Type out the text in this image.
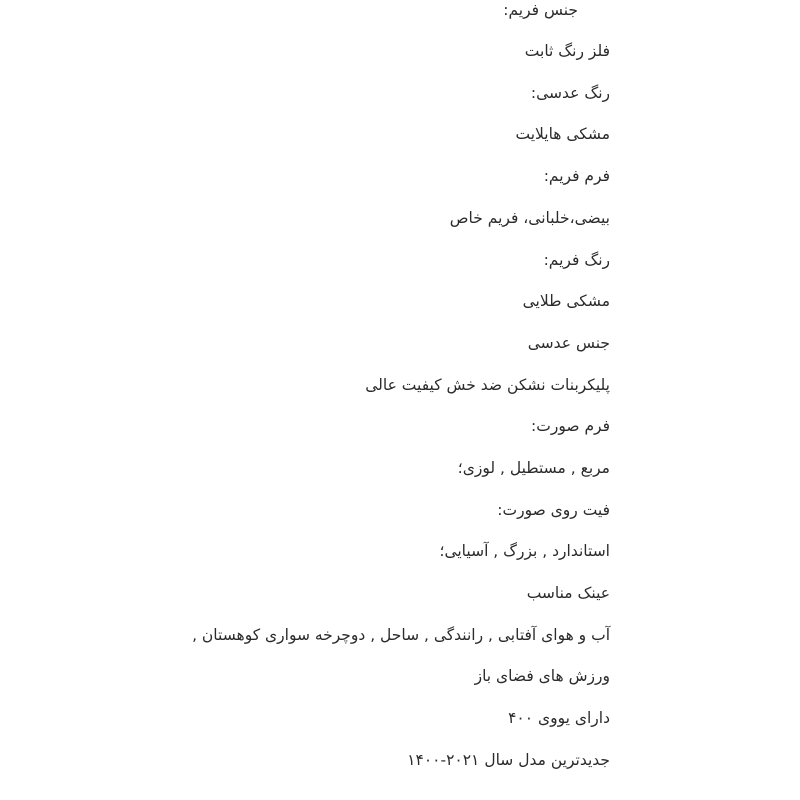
جنس فریم:
فلز رنگ ثابت
رنگ عدسی:
مشکی هایلایت
فرم فریم:
بیضی،خلبانی، فریم خاص
رنگ فریم:
مشکی طلایی
جنس عدسی
پلیکربنات نشکن ضد خش کیفیت عالی
فرم صورت:
مربع , مستطیل , لوزی؛
فیت روی صورت:
استاندارد , بزرگ , آسیایی؛
عینک مناسب
آب و هوای آفتابی , رانندگی , ساحل , دوچرخه سواری کوهستان ,
ورزش های فضای باز
دارای یووی ۴۰۰
جدیدترین مدل سال ۲۰۲۱-۱۴۰۰
